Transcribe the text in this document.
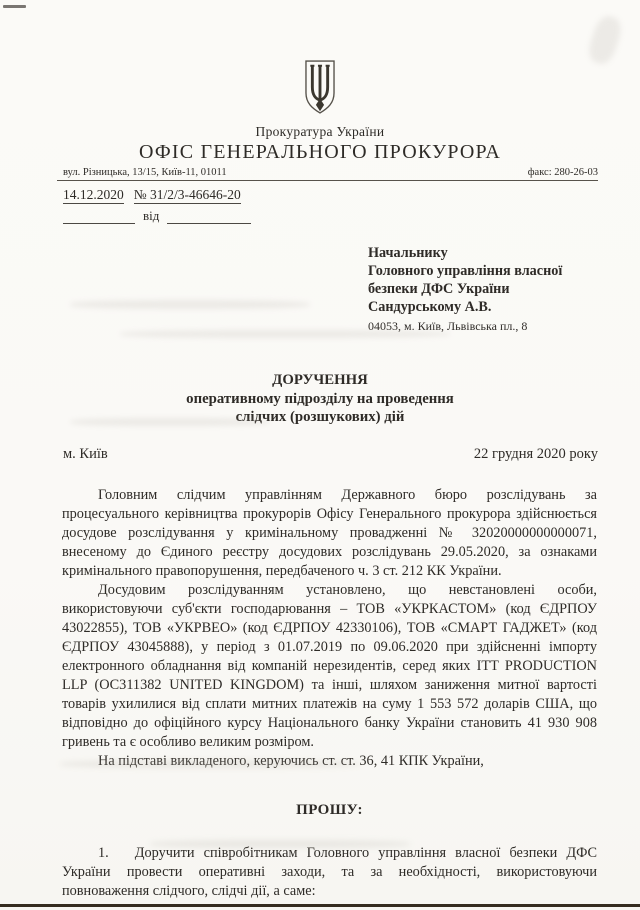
Прокуратура України
ОФІС ГЕНЕРАЛЬНОГО ПРОКУРОРА
вул. Різницька, 13/15, Київ-11, 01011	факс: 280-26-03
14.12.2020 № 31/2/3-46646-20
від
Начальнику
Головного управління власної
безпеки ДФС України
Сандурському А.В.
04053, м. Київ, Львівська пл., 8
ДОРУЧЕННЯ
оперативному підрозділу на проведення
слідчих (розшукових) дій
м. Київ	22 грудня 2020 року

Головним слідчим управлінням Державного бюро розслідувань за процесуального керівництва прокурорів Офісу Генерального прокурора здійснюється досудове розслідування у кримінальному провадженні № 32020000000000071, внесеному до Єдиного реєстру досудових розслідувань 29.05.2020, за ознаками кримінального правопорушення, передбаченого ч. 3 ст. 212 КК України.

Досудовим розслідуванням установлено, що невстановлені особи, використовуючи суб'єкти господарювання – ТОВ «УКРКАСТОМ» (код ЄДРПОУ 43022855), ТОВ «УКРВЕО» (код ЄДРПОУ 42330106), ТОВ «СМАРТ ГАДЖЕТ» (код ЄДРПОУ 43045888), у період з 01.07.2019 по 09.06.2020 при здійсненні імпорту електронного обладнання від компаній нерезидентів, серед яких ITT PRODUCTION LLP (OC311382 UNITED KINGDOM) та інші, шляхом заниження митної вартості товарів ухилилися від сплати митних платежів на суму 1 553 572 доларів США, що відповідно до офіційного курсу Національного банку України становить 41 930 908 гривень та є особливо великим розміром.

На підставі викладеного, керуючись ст. ст. 36, 41 КПК України,

ПРОШУ:

1. Доручити співробітникам Головного управління власної безпеки ДФС України провести оперативні заходи, та за необхідності, використовуючи повноваження слідчого, слідчі дії, а саме:
